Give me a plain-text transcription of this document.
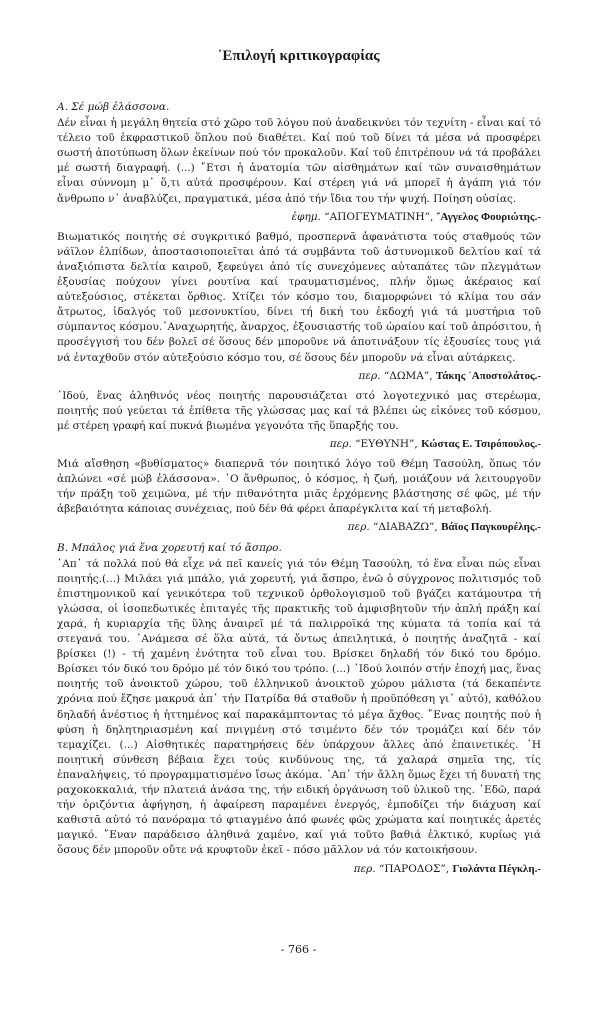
᾿Επιλογή κριτικογραφίας
Α. Σέ μώβ ἐλάσσονα.

Δέν εἶναι ἡ μεγάλη θητεία στό χῶρο τοῦ λόγου πού ἀναδεικνύει τόν τεχνίτη - εἶναι καί τό τέλειο τοῦ ἐκφραστικοῦ ὅπλου πού διαθέτει. Καί πού τοῦ δίνει τά μέσα νά προσφέρει σωστή ἀποτύπωση ὅλων ἐκείνων πού τόν προκαλοῦν. Καί τοῦ ἐπιτρέπουν νά τά προβάλει μέ σωστή διαγραφή. (...) ῎Ετσι ἡ ἀνατομία τῶν αἰσθημάτων καί τῶν συναισθημάτων εἶναι σύννομη μ᾿ ὅ,τι αὐτά προσφέρουν. Καί στέρεη γιά νά μπορεῖ ἡ ἀγάπη γιά τόν ἄνθρωπο ν᾿ ἀναβλύζει, πραγματικά, μέσα ἀπό τήν ἴδια του τήν ψυχή. Ποίηση οὐσίας.

ἐφημ. “ΑΠΟΓΕΥΜΑΤΙΝΗ”, ῎Αγγελος Φουριώτης.-

Βιωματικός ποιητής σέ συγκριτικό βαθμό, προσπερνᾶ ἀφανάτιστα τούς σταθμούς τῶν νάϊλον ἐλπίδων, ἀποστασιοποιεῖται ἀπό τά συμβάντα τοῦ ἀστυνομικοῦ δελτίου καί τά ἀναξιόπιστα δελτία καιροῦ, ξεφεύγει ἀπό τίς συνεχόμενες αὐταπάτες τῶν πλεγμάτων ἐξουσίας πούχουν γίνει ρουτίνα καί τραυματισμένος, πλήν ὅμως ἀκέραιος καί αὐτεξούσιος, στέκεται ὄρθιος. Χτίζει τόν κόσμο του, διαμορφώνει τό κλίμα του σάν ἄτρωτος, ἰδαλγός τοῦ μεσονυκτίου, δίνει τή δική του ἐκδοχή γιά τά μυστήρια τοῦ σύμπαντος κόσμου.᾿Αναχωρητής, ἄναρχος, ἐξουσιαστής τοῦ ὡραίου καί τοῦ ἀπρόσιτου, ἡ προσέγγισή του δέν βολεῖ σέ ὅσους δέν μποροῦνε νά ἀποτινάξουν τίς ἐξουσίες τους γιά νά ἐνταχθοῦν στόν αὐτεξούσιο κόσμο του, σέ ὅσους δέν μποροῦν νά εἶναι αὐτάρκεις.

περ. “ΔΩΜΑ”, Τάκης ᾿Αποστολάτος.-

᾿Ιδού, ἕνας ἀληθινός νέος ποιητής παρουσιάζεται στό λογοτεχνικό μας στερέωμα, ποιητής πού γεύεται τά ἐπίθετα τῆς γλώσσας μας καί τά βλέπει ὡς εἰκόνες τοῦ κόσμου, μέ στέρεη γραφή καί πυκνά βιωμένα γεγονότα τῆς ὕπαρξής του.

περ. “ΕΥΘΥΝΗ”, Κώστας Ε. Τσιρόπουλος.-

Μιά αἴσθηση «βυθίσματος» διαπερνᾶ τόν ποιητικό λόγο τοῦ Θέμη Τασούλη, ὅπως τόν ἁπλώνει «σέ μώβ ἐλάσσονα». ᾿Ο ἄνθρωπος, ὁ κόσμος, ἡ ζωή, μοιάζουν νά λειτουργοῦν τήν πράξη τοῦ χειμῶνα, μέ τήν πιθανότητα μιᾶς ἐρχόμενης βλάστησης σέ φῶς, μέ τήν ἀβεβαιότητα κάποιας συνέχειας, πού δέν θά φέρει ἀπαρέγκλιτα καί τή μεταβολή.

περ. “ΔΙΑΒΑΖΩ”, Βάϊος Παγκουρέλης.-
Β. Μπάλος γιά ἕνα χορευτή καί τό ἄσπρο.

῾Απ᾿ τά πολλά πού θά εἶχε νά πεῖ κανείς γιά τόν Θέμη Τασούλη, τό ἕνα εἶναι πώς εἶναι ποιητής.(...) Μιλάει γιά μπάλο, γιά χορευτή, γιά ἄσπρο, ἐνῶ ὁ σύγχρονος πολιτισμός τοῦ ἐπιστημονικοῦ καί γενικότερα τοῦ τεχνικοῦ ὀρθολογισμοῦ τοῦ βγάζει κατάμουτρα τή γλώσσα, οἱ ἰσοπεδωτικές ἐπιταγές τῆς πρακτικῆς τοῦ ἀμφισβητοῦν τήν ἁπλή πράξη καί χαρά, ἡ κυριαρχία τῆς ὕλης ἀναιρεῖ μέ τά παλιρροϊκά της κύματα τά τοπία καί τά στεγανά του. ᾿Ανάμεσα σέ ὅλα αὐτά, τά ὄντως ἀπειλητικά, ὁ ποιητής ἀναζητᾶ - καί βρίσκει (!) - τή χαμένη ἑνότητα τοῦ εἶναι του. Βρίσκει δηλαδή τόν δικό του δρόμο. Βρίσκει τόν δικό του δρόμο μέ τόν δικό του τρόπο. (...) ᾿Ιδού λοιπόν στήν ἐποχή μας, ἕνας ποιητής τοῦ ἀνοικτοῦ χώρου, τοῦ ἑλληνικοῦ ἀνοικτοῦ χώρου μάλιστα (τά δεκαπέντε χρόνια πού ἔζησε μακρυά ἀπ᾿ τήν Πατρίδα θά σταθοῦν ἡ προϋπόθεση γι᾿ αὐτό), καθόλου δηλαδή ἀνέστιος ἡ ἡττημένος καί παρακάμπτοντας τό μέγα ἄχθος. ῎Ενας ποιητής πού ἡ φύση ἡ δηλητηριασμένη καί πνιγμένη στό τσιμέντο δέν τόν τρομάζει καί δέν τόν τεμαχίζει. (...) Αἰσθητικές παρατηρήσεις δέν ὑπάρχουν ἄλλες ἀπό ἐπαινετικές. ῾Η ποιητική σύνθεση βέβαια ἔχει τούς κινδύνους της, τά χαλαρά σημεῖα της, τίς ἐπαναλήψεις, τό προγραμματισμένο ἴσως ἀκόμα. ᾿Απ᾿ τήν ἄλλη ὅμως ἔχει τή δυνατή της ραχοκοκκαλιά, τήν πλατειά ἀνάσα της, τήν ειδική ὀργάνωση τοῦ ὑλικοῦ της. ᾿Εδῶ, παρά τήν ὁριζόντια ἀφήγηση, ἡ ἀφαίρεση παραμένει ἐνεργός, ἐμποδίζει τήν διάχυση καί καθιστᾶ αὐτό τό πανόραμα τό φτιαγμένο ἀπό φωνές φῶς χρώματα καί ποιητικές ἀρετές μαγικό. ῎Εναν παράδεισο ἀληθινά χαμένο, καί γιά τοῦτο βαθιά ἑλκτικό, κυρίως γιά ὅσους δέν μποροῦν οὔτε νά κρυφτοῦν ἐκεῖ - πόσο μᾶλλον νά τόν κατοικήσουν.

περ. “ΠΑΡΟΔΟΣ”, Γιολάντα Πέγκλη.-

- 766 -
